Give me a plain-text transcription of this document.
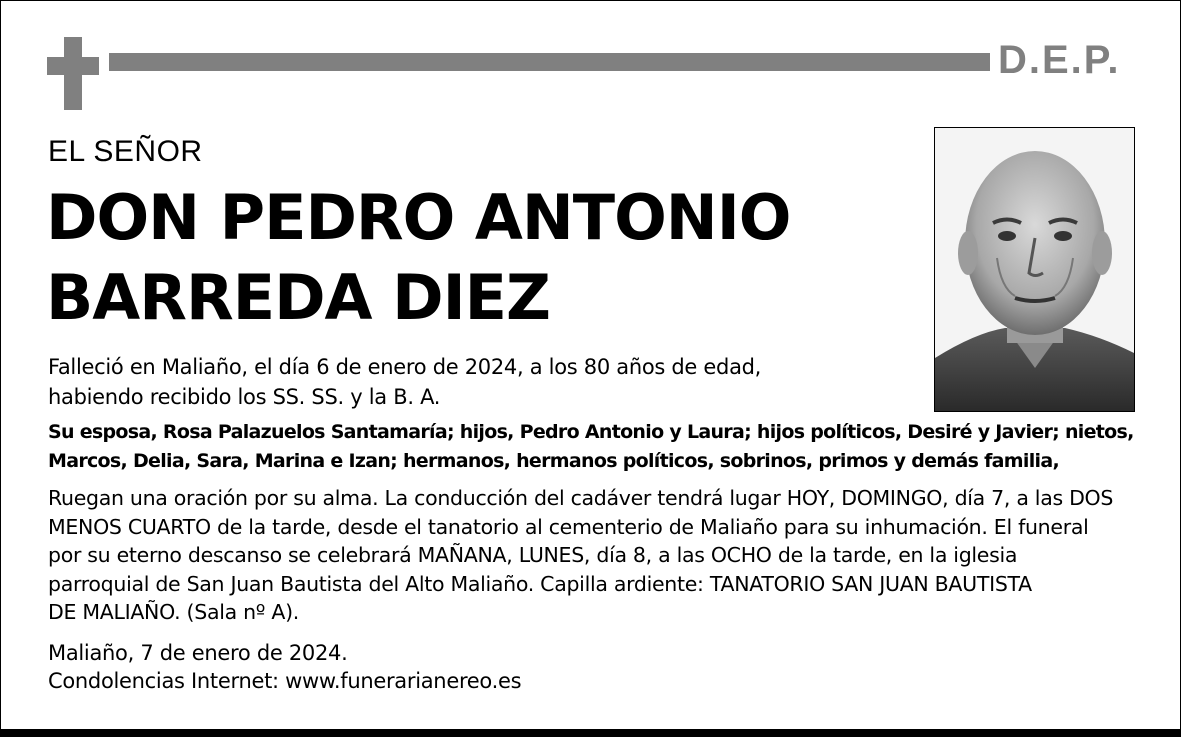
D.E.P.
EL SEÑOR
DON PEDRO ANTONIO
BARREDA DIEZ
Falleció en Maliaño, el día 6 de enero de 2024, a los 80 años de edad,
habiendo recibido los SS. SS. y la B. A.
Su esposa, Rosa Palazuelos Santamaría; hijos, Pedro Antonio y Laura; hijos políticos, Desiré y Javier; nietos,
Marcos, Delia, Sara, Marina e Izan; hermanos, hermanos políticos, sobrinos, primos y demás familia,
Ruegan una oración por su alma. La conducción del cadáver tendrá lugar HOY, DOMINGO, día 7, a las DOS
MENOS CUARTO de la tarde, desde el tanatorio al cementerio de Maliaño para su inhumación. El funeral
por su eterno descanso se celebrará MAÑANA, LUNES, día 8, a las OCHO de la tarde, en la iglesia
parroquial de San Juan Bautista del Alto Maliaño. Capilla ardiente: TANATORIO SAN JUAN BAUTISTA
DE MALIAÑO. (Sala nº A).
Maliaño, 7 de enero de 2024.
Condolencias Internet: www.funerarianereo.es
